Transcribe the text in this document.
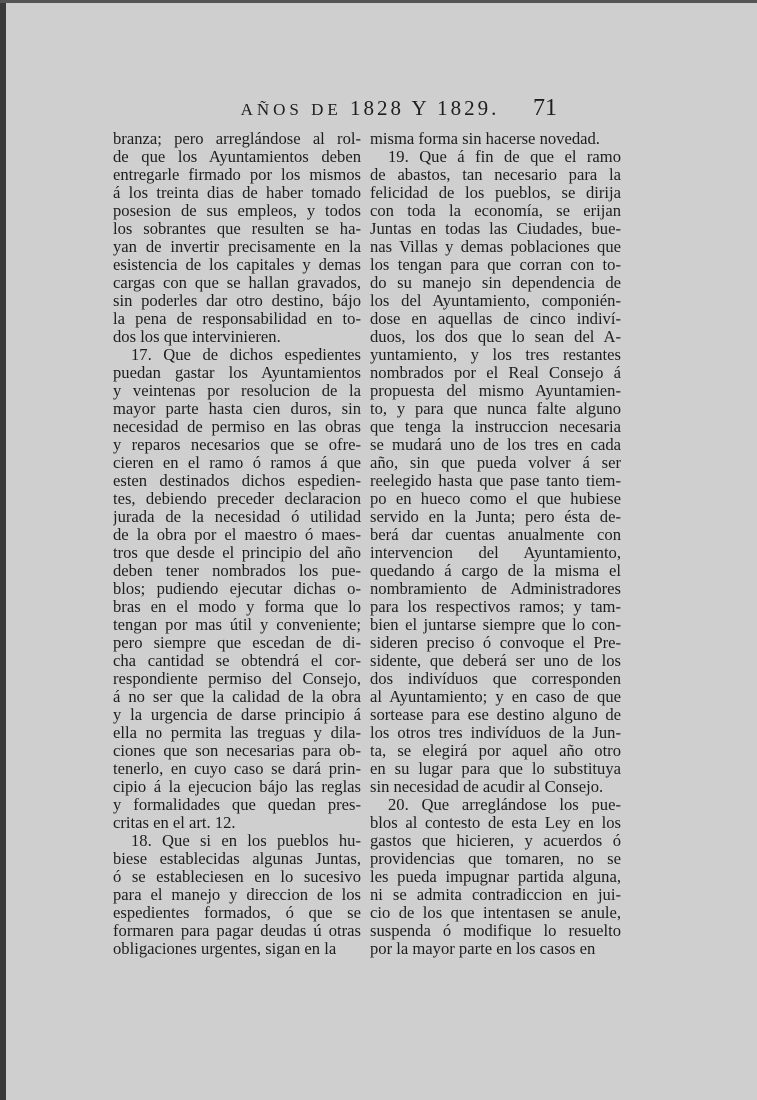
AÑOS DE 1828 Y 1829.	71
branza; pero arreglándose al rol-
de que los Ayuntamientos deben
entregarle firmado por los mismos
á los treinta dias de haber tomado
posesion de sus empleos, y todos
los sobrantes que resulten se ha-
yan de invertir precisamente en la
esistencia de los capitales y demas
cargas con que se hallan gravados,
sin poderles dar otro destino, bájo
la pena de responsabilidad en to-
dos los que intervinieren.
17. Que de dichos espedientes
puedan gastar los Ayuntamientos
y veintenas por resolucion de la
mayor parte hasta cien duros, sin
necesidad de permiso en las obras
y reparos necesarios que se ofre-
cieren en el ramo ó ramos á que
esten destinados dichos espedien-
tes, debiendo preceder declaracion
jurada de la necesidad ó utilidad
de la obra por el maestro ó maes-
tros que desde el principio del año
deben tener nombrados los pue-
blos; pudiendo ejecutar dichas o-
bras en el modo y forma que lo
tengan por mas útil y conveniente;
pero siempre que escedan de di-
cha cantidad se obtendrá el cor-
respondiente permiso del Consejo,
á no ser que la calidad de la obra
y la urgencia de darse principio á
ella no permita las treguas y dila-
ciones que son necesarias para ob-
tenerlo, en cuyo caso se dará prin-
cipio á la ejecucion bájo las reglas
y formalidades que quedan pres-
critas en el art. 12.
18. Que si en los pueblos hu-
biese establecidas algunas Juntas,
ó se estableciesen en lo sucesivo
para el manejo y direccion de los
espedientes formados, ó que se
formaren para pagar deudas ú otras
obligaciones urgentes, sigan en la
misma forma sin hacerse novedad.
19. Que á fin de que el ramo
de abastos, tan necesario para la
felicidad de los pueblos, se dirija
con toda la economía, se erijan
Juntas en todas las Ciudades, bue-
nas Villas y demas poblaciones que
los tengan para que corran con to-
do su manejo sin dependencia de
los del Ayuntamiento, componién-
dose en aquellas de cinco indiví-
duos, los dos que lo sean del A-
yuntamiento, y los tres restantes
nombrados por el Real Consejo á
propuesta del mismo Ayuntamien-
to, y para que nunca falte alguno
que tenga la instruccion necesaria
se mudará uno de los tres en cada
año, sin que pueda volver á ser
reelegido hasta que pase tanto tiem-
po en hueco como el que hubiese
servido en la Junta; pero ésta de-
berá dar cuentas anualmente con
intervencion del Ayuntamiento,
quedando á cargo de la misma el
nombramiento de Administradores
para los respectivos ramos; y tam-
bien el juntarse siempre que lo con-
sideren preciso ó convoque el Pre-
sidente, que deberá ser uno de los
dos indivíduos que corresponden
al Ayuntamiento; y en caso de que
sortease para ese destino alguno de
los otros tres indivíduos de la Jun-
ta, se elegirá por aquel año otro
en su lugar para que lo substituya
sin necesidad de acudir al Consejo.
20. Que arreglándose los pue-
blos al contesto de esta Ley en los
gastos que hicieren, y acuerdos ó
providencias que tomaren, no se
les pueda impugnar partida alguna,
ni se admita contradiccion en jui-
cio de los que intentasen se anule,
suspenda ó modifique lo resuelto
por la mayor parte en los casos en
